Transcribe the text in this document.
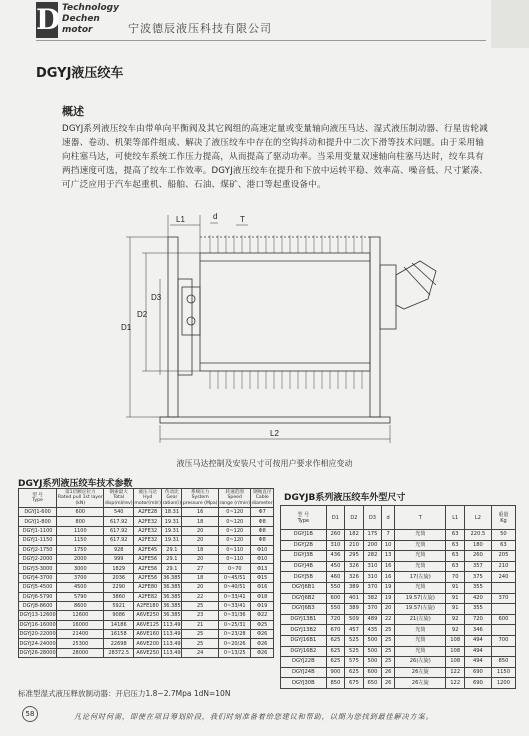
D Technology
Dechen
motor	宁波德辰液压科技有限公司
DGYJ液压绞车
概述
DGYJ系列液压绞车由带单向平衡阀及其它阀组的高速定量或变量轴向液压马达、湿式液压制动器、行星齿轮减速器、卷动、机架等部件组成、解决了液压绞车中存在的空钩抖动和提升中二次下滑等技术问题。由于采用轴向柱塞马达，可使绞车系统工作压力提高，从而提高了驱动功率。当采用变量双速轴向柱塞马达时，绞车具有两挡速度可选，提高了绞车工作效率。DGYJ液压绞车在提升和下放中运转平稳、效率高、噪音低、尺寸紧凑、可广泛应用于汽车起重机、船舶、石油、煤矿、港口等起重设备中。
L1	d	T
D1
D2
D3
L2
液压马达控制及安装尺寸可按用户要求作相应变动
DGYJ系列液压绞车技术参数
型 号
Type	第1层额定拉力
Rated pull 1st layer
(kN)	钢索最大
Total
disp(ml/rev)	液压马达
Hyd
motor(ml/r)	传动比
Gear
ration(i)	系统压力
System
pressure (Mpa)	转速范围
Speed
range (r/min)	钢绳直径
Cable
diameter
DGYJ1-600	600	540	A2FE28	18.31	16	0~120	Φ7
DGYJ1-800	800	617.92	A2FE32	19.31	18	0~120	Φ8
DGYJ1-1100	1100	617.92	A2FE32	19.31	20	0~120	Φ8
DGYJ1-1150	1150	617.92	A2FE32	19.31	20	0~120	Φ8
DGYJ2-1750	1750	928	A2FE45	29.1	18	0~110	Φ10
DGYJ2-2000	2000	999	A2FE56	29.1	20	0~110	Φ10
DGYJ3-3000	3000	1829	A2FE56	29.1	27	0~70	Φ13
DGYJ4-3700	3700	2036	A2FE56	36.385	18	0~45/51	Φ15
DGYJ5-4500	4500	2290	A2FE80	36.385	20	0~40/51	Φ16
DGYJ6-5790	5790	3860	A2FE82	36.385	22	0~33/41	Φ18
DGYJ8-8600	8600	5921	A2FE180	36.385	25	0~33/41	Φ19
DGYJ13-12600	12600	9086	A6VE250	36.385	23	0~31/36	Φ22
DGYJ16-16000	16000	14186	A6VE125	113.49	21	0~25/31	Φ25
DGYJ20-22000	21400	16158	A6VE160	113.49	25	0~23/28	Φ26
DGYJ24-24000	25300	22698	A6VE200	113.49	25	0~20/26	Φ26
DGYJ26-28000	28000	28372.5	A6VE250	113.49	24	0~13/25	Φ26
DGYJB系列液压绞车外型尺寸
型 号
Type	D1	D2	D3	d	T	L1	L2	重量
Kg
DGYJ1B	260	182	175	7	光筒	63	220.5	50
DGYJ2B	310	210	200	10	光筒	63	180	63
DGYJ3B	436	295	282	13	光筒	63	260	205
DGYJ4B	450	326	310	16	光筒	63	357	210
DGYJ5B	460	326	310	16	17(左旋)	70	375	240
DGYJ6B1	550	389	370	19	光筒	91	355	
DGYJ6B2	600	401	382	19	19.57(左旋)	91	420	370
DGYJ6B3	550	389	370	20	19.57(左旋)	91	355	
DGYJ13B1	720	509	489	22	21(左旋)	92	720	600
DGYJ13B2	670	457	435	25	光筒	92	346	
DGYJ16B1	625	525	500	25	光筒	108	494	700
DGYJ16B2	625	525	500	25	光筒	108	494	
DGYJ22B	625	575	500	25	26(左旋)	108	494	850
DGYJ24B	900	625	600	26	26左旋	122	690	1150
DGYJ30B	850	675	650	26	26左旋	122	690	1200
标准型湿式液压释放制动器：开启压力1.8~2.7Mpa 1dN=10N
58	凡论何时何需，即使在项目筹划阶段，我们时刻准备着给您建议和帮助，以期为您找到最佳解决方案。
